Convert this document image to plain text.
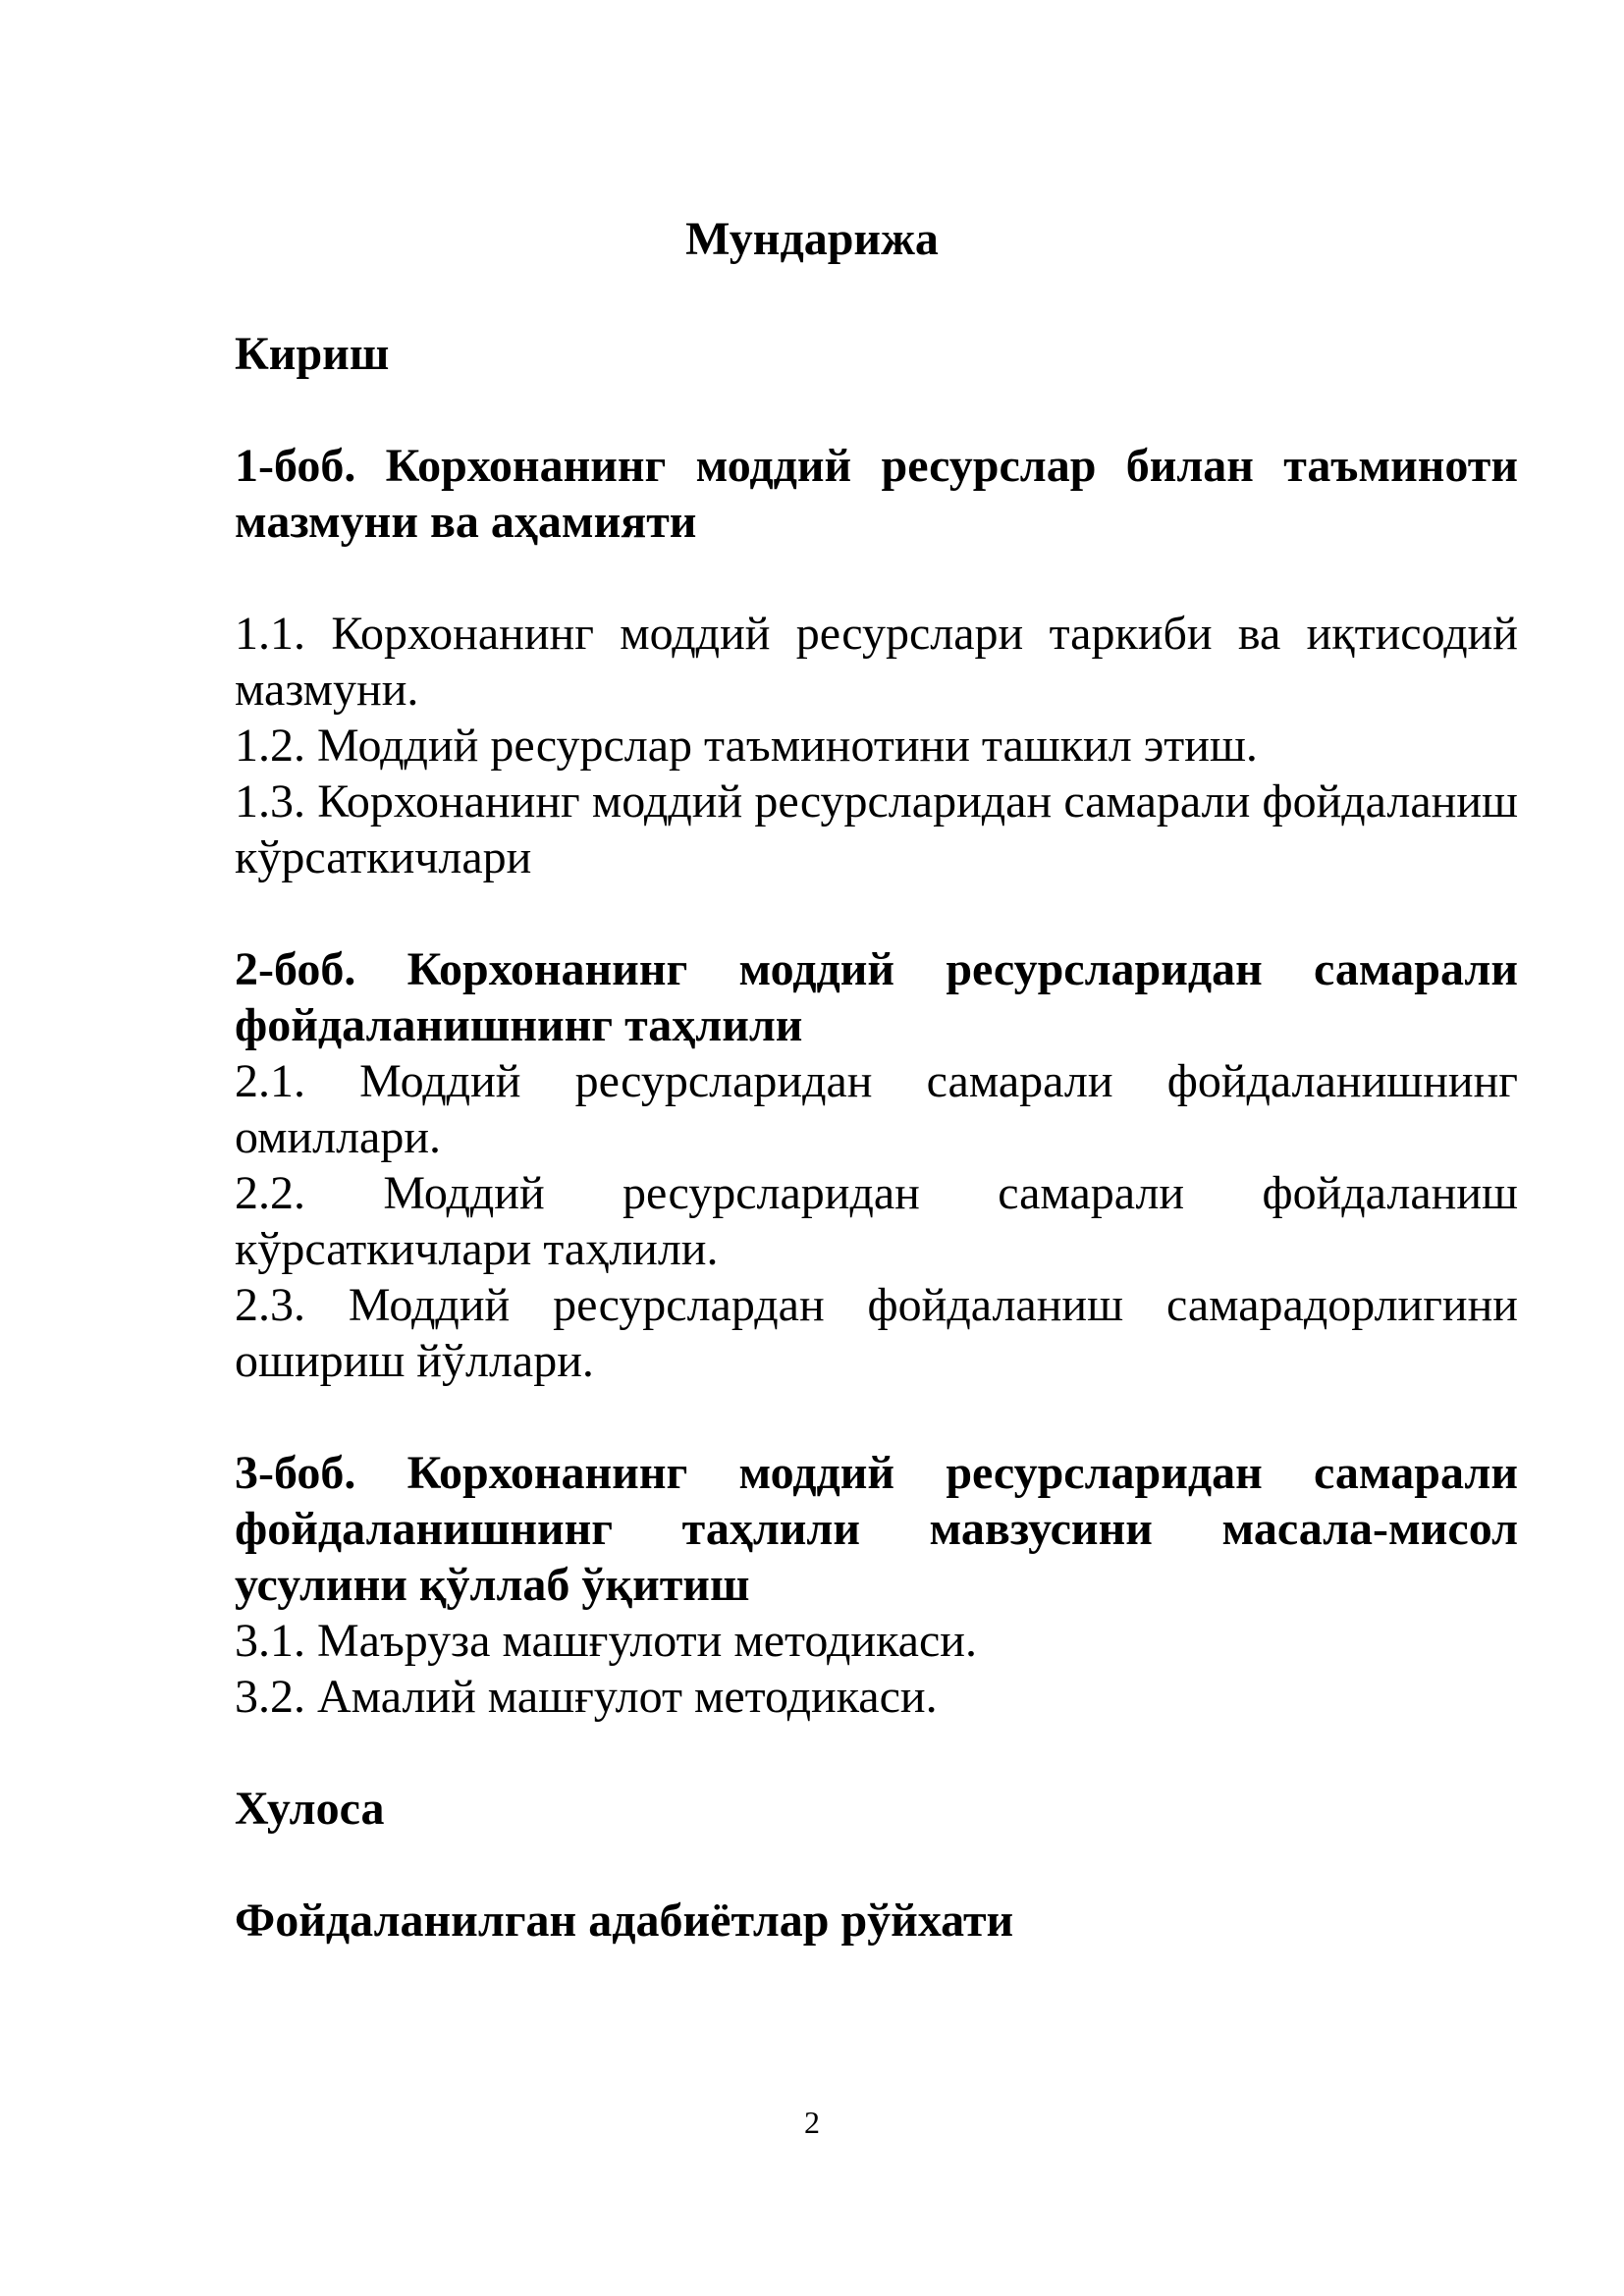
Мундарижа

Кириш

1-боб. Корхонанинг моддий ресурслар билан таъминоти мазмуни ва аҳамияти

1.1. Корхонанинг моддий ресурслари таркиби ва иқтисодий мазмуни.

1.2. Моддий ресурслар таъминотини ташкил этиш.

1.3. Корхонанинг моддий ресурсларидан самарали фойдаланиш кўрсаткичлари

2-боб. Корхонанинг моддий ресурсларидан самарали фойдаланишнинг таҳлили

2.1. Моддий ресурсларидан самарали фойдаланишнинг омиллари.

2.2. Моддий ресурсларидан самарали фойдаланиш кўрсаткичлари таҳлили.

2.3. Моддий ресурслардан фойдаланиш самарадорлигини ошириш йўллари.

3-боб. Корхонанинг моддий ресурсларидан самарали фойдаланишнинг таҳлили мавзусини масала-мисол усулини қўллаб ўқитиш

3.1. Маъруза машғулоти методикаси.

3.2. Амалий машғулот методикаси.

Хулоса

Фойдаланилган адабиётлар рўйхати

2
